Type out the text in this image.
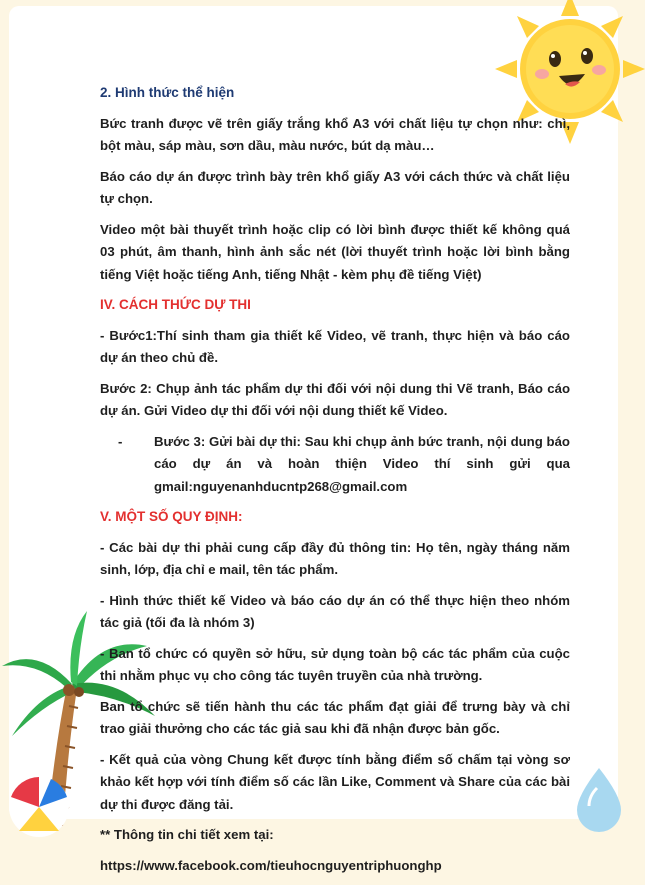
2. Hình thức thể hiện

Bức tranh được vẽ trên giấy trắng khổ A3 với chất liệu tự chọn như: chì, bột màu, sáp màu, sơn dầu, màu nước, bút dạ màu…

Báo cáo dự án được trình bày trên khổ giấy A3 với cách thức và chất liệu tự chọn.

Video một bài thuyết trình hoặc clip có lời bình được thiết kế không quá 03 phút, âm thanh, hình ảnh sắc nét (lời thuyết trình hoặc lời bình bằng tiếng Việt hoặc tiếng Anh, tiếng Nhật - kèm phụ đề tiếng Việt)

IV. CÁCH THỨC DỰ THI

- Bước1:Thí sinh tham gia thiết kế Video, vẽ tranh, thực hiện và báo cáo dự án theo chủ đề.

Bước 2: Chụp ảnh tác phẩm dự thi đối với nội dung thi Vẽ tranh, Báo cáo dự án. Gửi Video dự thi đối với nội dung thiết kế Video.

-	Bước 3: Gửi bài dự thi: Sau khi chụp ảnh bức tranh, nội dung báo cáo dự án và hoàn thiện Video thí sinh gửi qua gmail:nguyenanhducntp268@gmail.com

V. MỘT SỐ QUY ĐỊNH:

- Các bài dự thi phải cung cấp đầy đủ thông tin: Họ tên, ngày tháng năm sinh, lớp, địa chỉ e mail, tên tác phẩm.

- Hình thức thiết kế Video và báo cáo dự án có thể thực hiện theo nhóm tác giả (tối đa là nhóm 3)

- Ban tổ chức có quyền sở hữu, sử dụng toàn bộ các tác phẩm của cuộc thi nhằm phục vụ cho công tác tuyên truyền của nhà trường.

Ban tổ chức sẽ tiến hành thu các tác phẩm đạt giải để trưng bày và chỉ trao giải thưởng cho các tác giả sau khi đã nhận được bản gốc.

- Kết quả của vòng Chung kết được tính bằng điểm số chấm tại vòng sơ khảo kết hợp với tính điểm số các lần Like, Comment và Share của các bài dự thi được đăng tải.

** Thông tin chi tiết xem tại:

https://www.facebook.com/tieuhocnguyentriphuonghp
